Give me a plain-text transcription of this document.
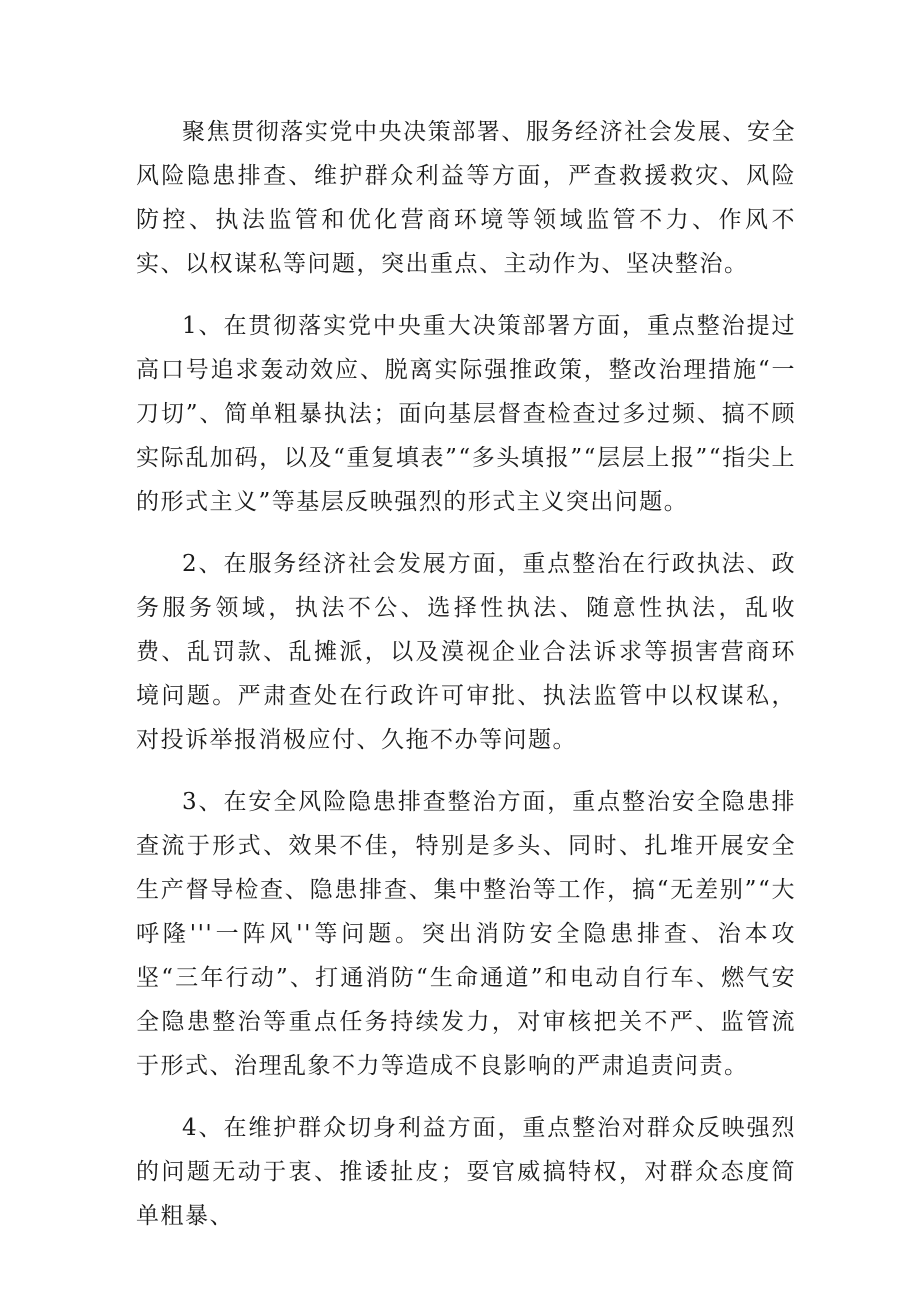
聚焦贯彻落实党中央决策部署、服务经济社会发展、安全风险隐患排查、维护群众利益等方面，严查救援救灾、风险防控、执法监管和优化营商环境等领域监管不力、作风不实、以权谋私等问题，突出重点、主动作为、坚决整治。

1、在贯彻落实党中央重大决策部署方面，重点整治提过高口号追求轰动效应、脱离实际强推政策，整改治理措施“一刀切”、简单粗暴执法；面向基层督查检查过多过频、搞不顾实际乱加码，以及“重复填表”“多头填报”“层层上报”“指尖上的形式主义”等基层反映强烈的形式主义突出问题。

2、在服务经济社会发展方面，重点整治在行政执法、政务服务领域，执法不公、选择性执法、随意性执法，乱收费、乱罚款、乱摊派，以及漠视企业合法诉求等损害营商环境问题。严肃查处在行政许可审批、执法监管中以权谋私，对投诉举报消极应付、久拖不办等问题。

3、在安全风险隐患排查整治方面，重点整治安全隐患排查流于形式、效果不佳，特别是多头、同时、扎堆开展安全生产督导检查、隐患排查、集中整治等工作，搞“无差别”“大呼隆'''一阵风''等问题。突出消防安全隐患排查、治本攻坚“三年行动”、打通消防“生命通道”和电动自行车、燃气安全隐患整治等重点任务持续发力，对审核把关不严、监管流于形式、治理乱象不力等造成不良影响的严肃追责问责。

4、在维护群众切身利益方面，重点整治对群众反映强烈的问题无动于衷、推诿扯皮；耍官威搞特权，对群众态度简单粗暴、
